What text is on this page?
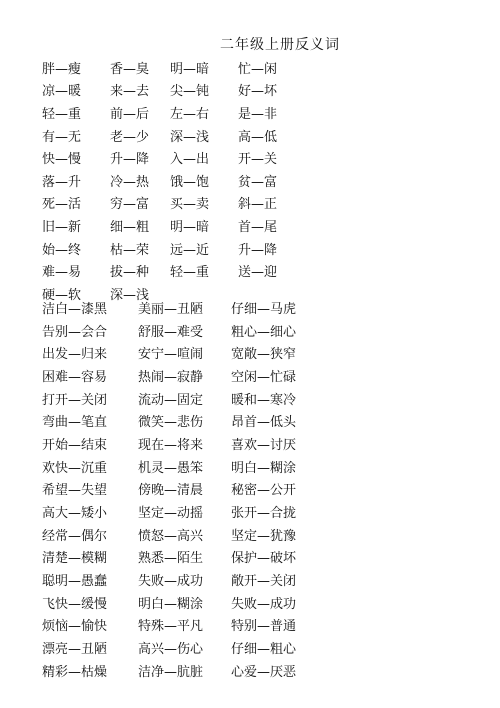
二年级上册反义词
胖—瘦	香—臭	明—暗	忙—闲
凉—暖	来—去	尖—钝	好—坏
轻—重	前—后	左—右	是—非
有—无	老—少	深—浅	高—低
快—慢	升—降	入—出	开—关
落—升	冷—热	饿—饱	贫—富
死—活	穷—富	买—卖	斜—正
旧—新	细—粗	明—暗	首—尾
始—终	枯—荣	远—近	升—降
难—易	拔—种	轻—重	送—迎
硬—软	深—浅
洁白—漆黑	美丽—丑陋	仔细—马虎
告别—会合	舒服—难受	粗心—细心
出发—归来	安宁—喧闹	宽敞—狭窄
困难—容易	热闹—寂静	空闲—忙碌
打开—关闭	流动—固定	暖和—寒冷
弯曲—笔直	微笑—悲伤	昂首—低头
开始—结束	现在—将来	喜欢—讨厌
欢快—沉重	机灵—愚笨	明白—糊涂
希望—失望	傍晚—清晨	秘密—公开
高大—矮小	坚定—动摇	张开—合拢
经常—偶尔	愤怒—高兴	坚定—犹豫
清楚—模糊	熟悉—陌生	保护—破坏
聪明—愚蠢	失败—成功	敞开—关闭
飞快—缓慢	明白—糊涂	失败—成功
烦恼—愉快	特殊—平凡	特别—普通
漂亮—丑陋	高兴—伤心	仔细—粗心
精彩—枯燥	洁净—肮脏	心爱—厌恶
